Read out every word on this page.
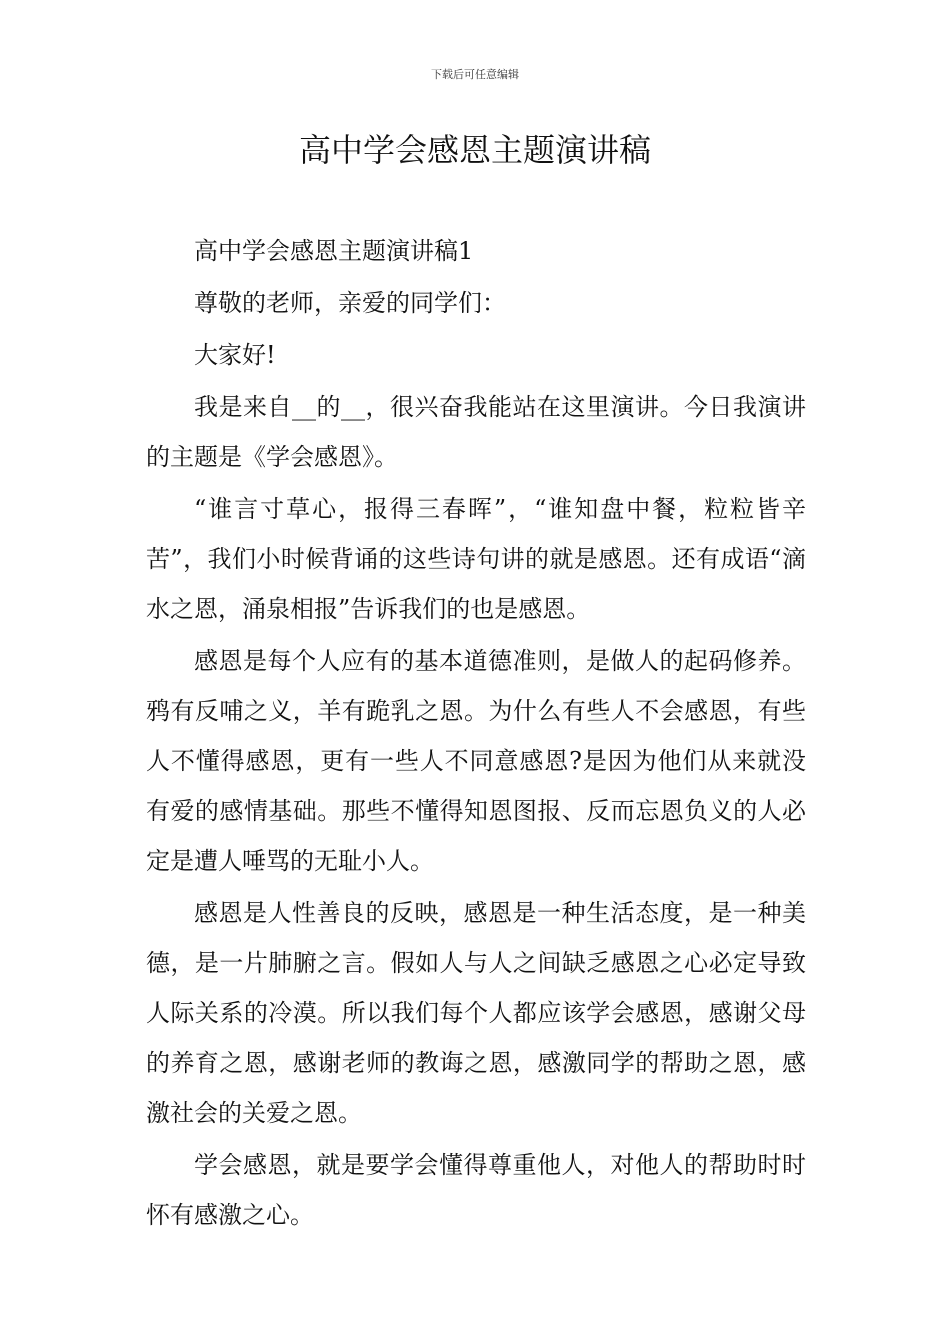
下载后可任意编辑
高中学会感恩主题演讲稿

高中学会感恩主题演讲稿1

尊敬的老师，亲爱的同学们：

大家好!

我是来自__的__，很兴奋我能站在这里演讲。今日我演讲的主题是《学会感恩》。

“谁言寸草心，报得三春晖”，“谁知盘中餐，粒粒皆辛苦”，我们小时候背诵的这些诗句讲的就是感恩。还有成语“滴水之恩，涌泉相报”告诉我们的也是感恩。

感恩是每个人应有的基本道德准则，是做人的起码修养。鸦有反哺之义，羊有跪乳之恩。为什么有些人不会感恩，有些人不懂得感恩，更有一些人不同意感恩?是因为他们从来就没有爱的感情基础。那些不懂得知恩图报、反而忘恩负义的人必定是遭人唾骂的无耻小人。

感恩是人性善良的反映，感恩是一种生活态度，是一种美德，是一片肺腑之言。假如人与人之间缺乏感恩之心必定导致人际关系的冷漠。所以我们每个人都应该学会感恩，感谢父母的养育之恩，感谢老师的教诲之恩，感激同学的帮助之恩，感激社会的关爱之恩。

学会感恩，就是要学会懂得尊重他人，对他人的帮助时时怀有感激之心。
